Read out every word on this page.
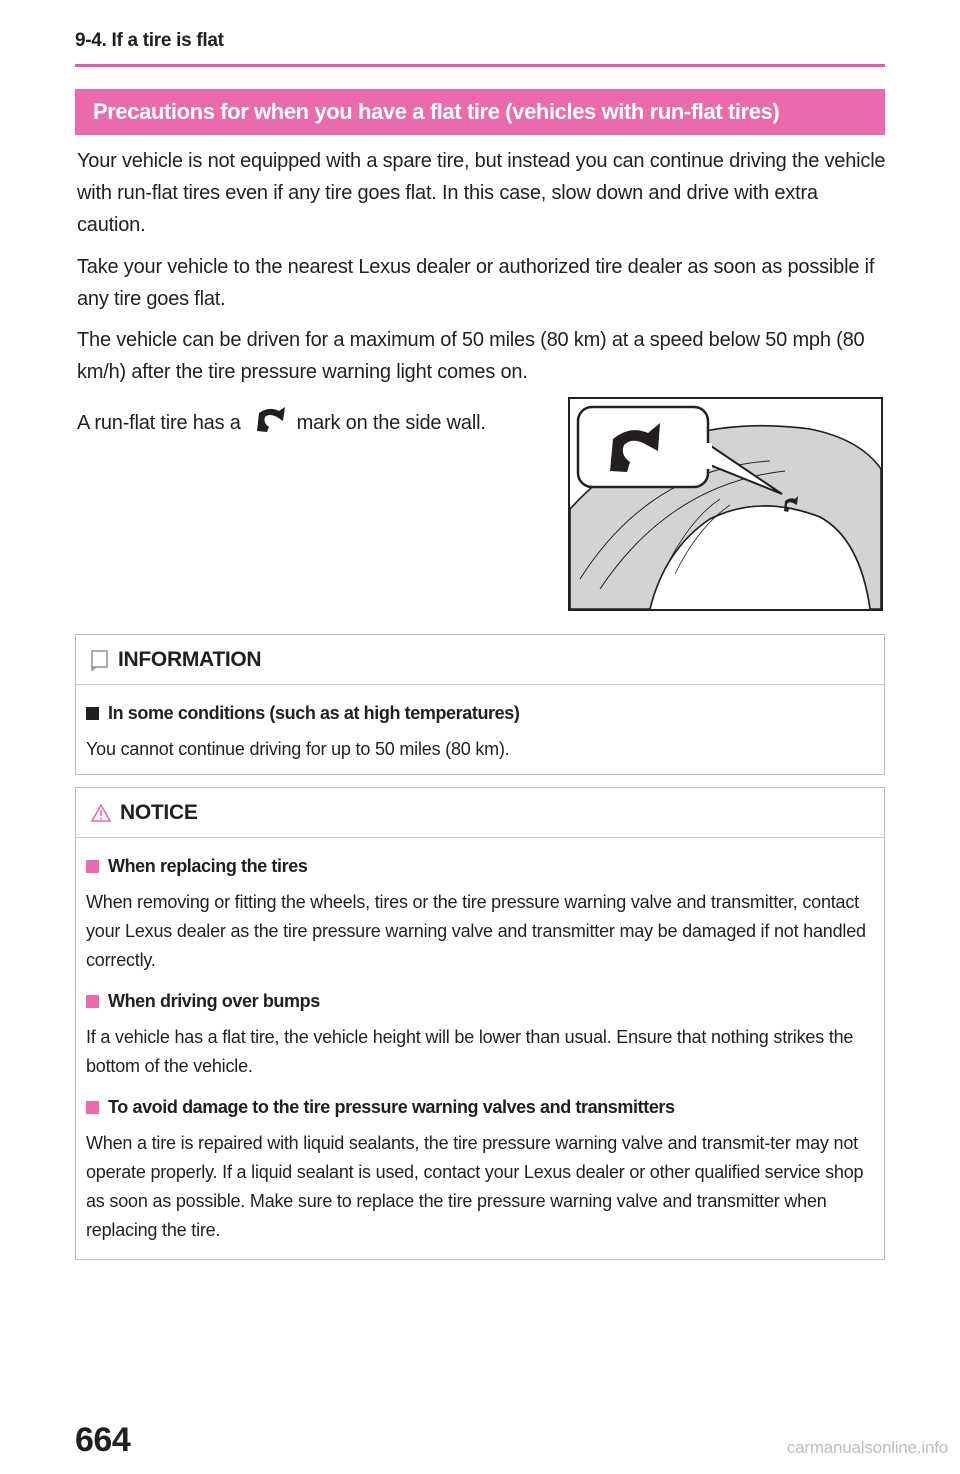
9-4. If a tire is flat
Precautions for when you have a flat tire (vehicles with run-flat tires)
Your vehicle is not equipped with a spare tire, but instead you can continue driving the vehicle with run-flat tires even if any tire goes flat. In this case, slow down and drive with extra caution.
Take your vehicle to the nearest Lexus dealer or authorized tire dealer as soon as possible if any tire goes flat.
The vehicle can be driven for a maximum of 50 miles (80 km) at a speed below 50 mph (80 km/h) after the tire pressure warning light comes on.
A run-flat tire has a	mark on the side wall.
INFORMATION
In some conditions (such as at high temperatures)
You cannot continue driving for up to 50 miles (80 km).
NOTICE
When replacing the tires
When removing or fitting the wheels, tires or the tire pressure warning valve and transmitter, contact your Lexus dealer as the tire pressure warning valve and transmitter may be damaged if not handled correctly.
When driving over bumps
If a vehicle has a flat tire, the vehicle height will be lower than usual. Ensure that nothing strikes the bottom of the vehicle.
To avoid damage to the tire pressure warning valves and transmitters
When a tire is repaired with liquid sealants, the tire pressure warning valve and transmit-ter may not operate properly. If a liquid sealant is used, contact your Lexus dealer or other qualified service shop as soon as possible. Make sure to replace the tire pressure warning valve and transmitter when replacing the tire.
664	carmanualsonline.info
